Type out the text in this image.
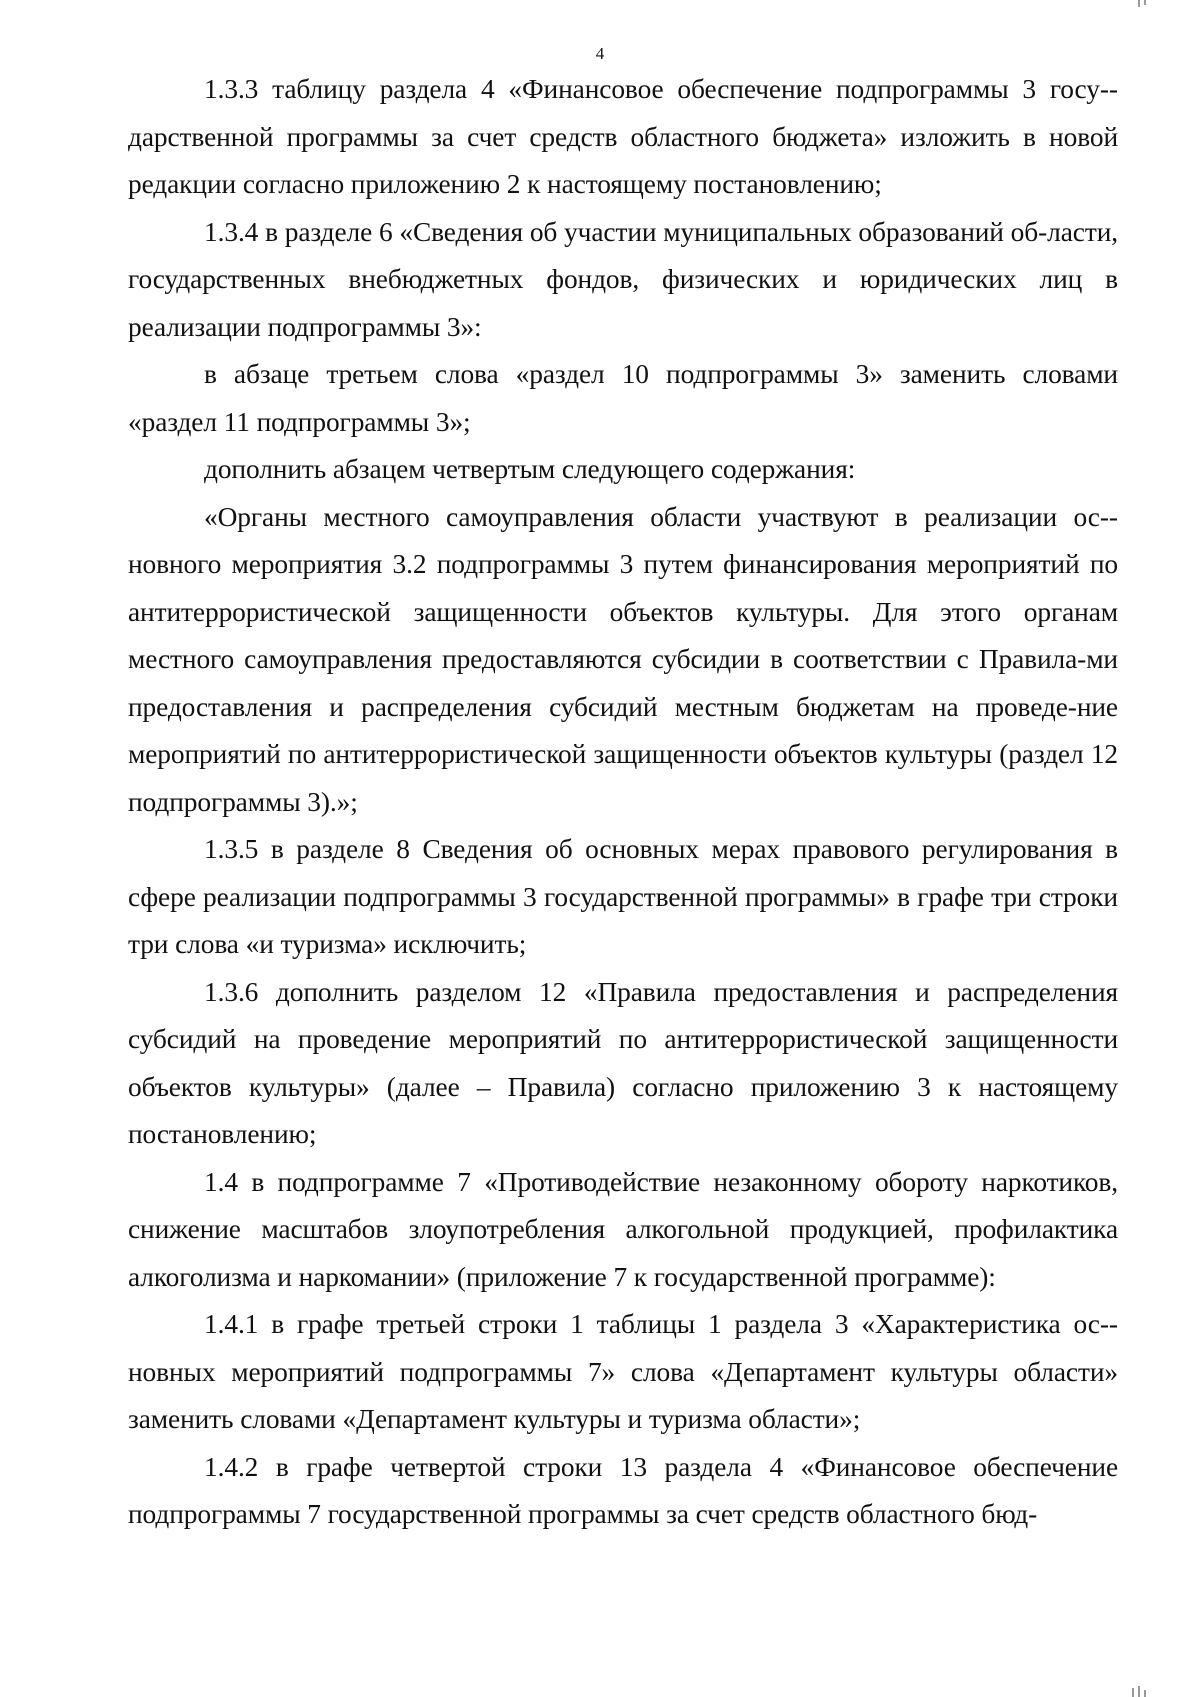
4

1.3.3 таблицу раздела 4 «Финансовое обеспечение подпрограммы 3 госу-дарственной программы за счет средств областного бюджета» изложить в новой редакции согласно приложению 2 к настоящему постановлению;

1.3.4 в разделе 6 «Сведения об участии муниципальных образований об-ласти, государственных внебюджетных фондов, физических и юридических лиц в реализации подпрограммы 3»:

в абзаце третьем слова «раздел 10 подпрограммы 3» заменить словами «раздел 11 подпрограммы 3»;

дополнить абзацем четвертым следующего содержания:

«Органы местного самоуправления области участвуют в реализации ос-новного мероприятия 3.2 подпрограммы 3 путем финансирования мероприятий по антитеррористической защищенности объектов культуры. Для этого органам местного самоуправления предоставляются субсидии в соответствии с Правила-ми предоставления и распределения субсидий местным бюджетам на проведе-ние мероприятий по антитеррористической защищенности объектов культуры (раздел 12 подпрограммы 3).»;

1.3.5 в разделе 8 Сведения об основных мерах правового регулирования в сфере реализации подпрограммы 3 государственной программы» в графе три строки три слова «и туризма» исключить;

1.3.6 дополнить разделом 12 «Правила предоставления и распределения субсидий на проведение мероприятий по антитеррористической защищенности объектов культуры» (далее – Правила) согласно приложению 3 к настоящему постановлению;

1.4 в подпрограмме 7 «Противодействие незаконному обороту наркотиков, снижение масштабов злоупотребления алкогольной продукцией, профилактика алкоголизма и наркомании» (приложение 7 к государственной программе):

1.4.1 в графе третьей строки 1 таблицы 1 раздела 3 «Характеристика ос-новных мероприятий подпрограммы 7» слова «Департамент культуры области» заменить словами «Департамент культуры и туризма области»;

1.4.2 в графе четвертой строки 13 раздела 4 «Финансовое обеспечение подпрограммы 7 государственной программы за счет средств областного бюд-
